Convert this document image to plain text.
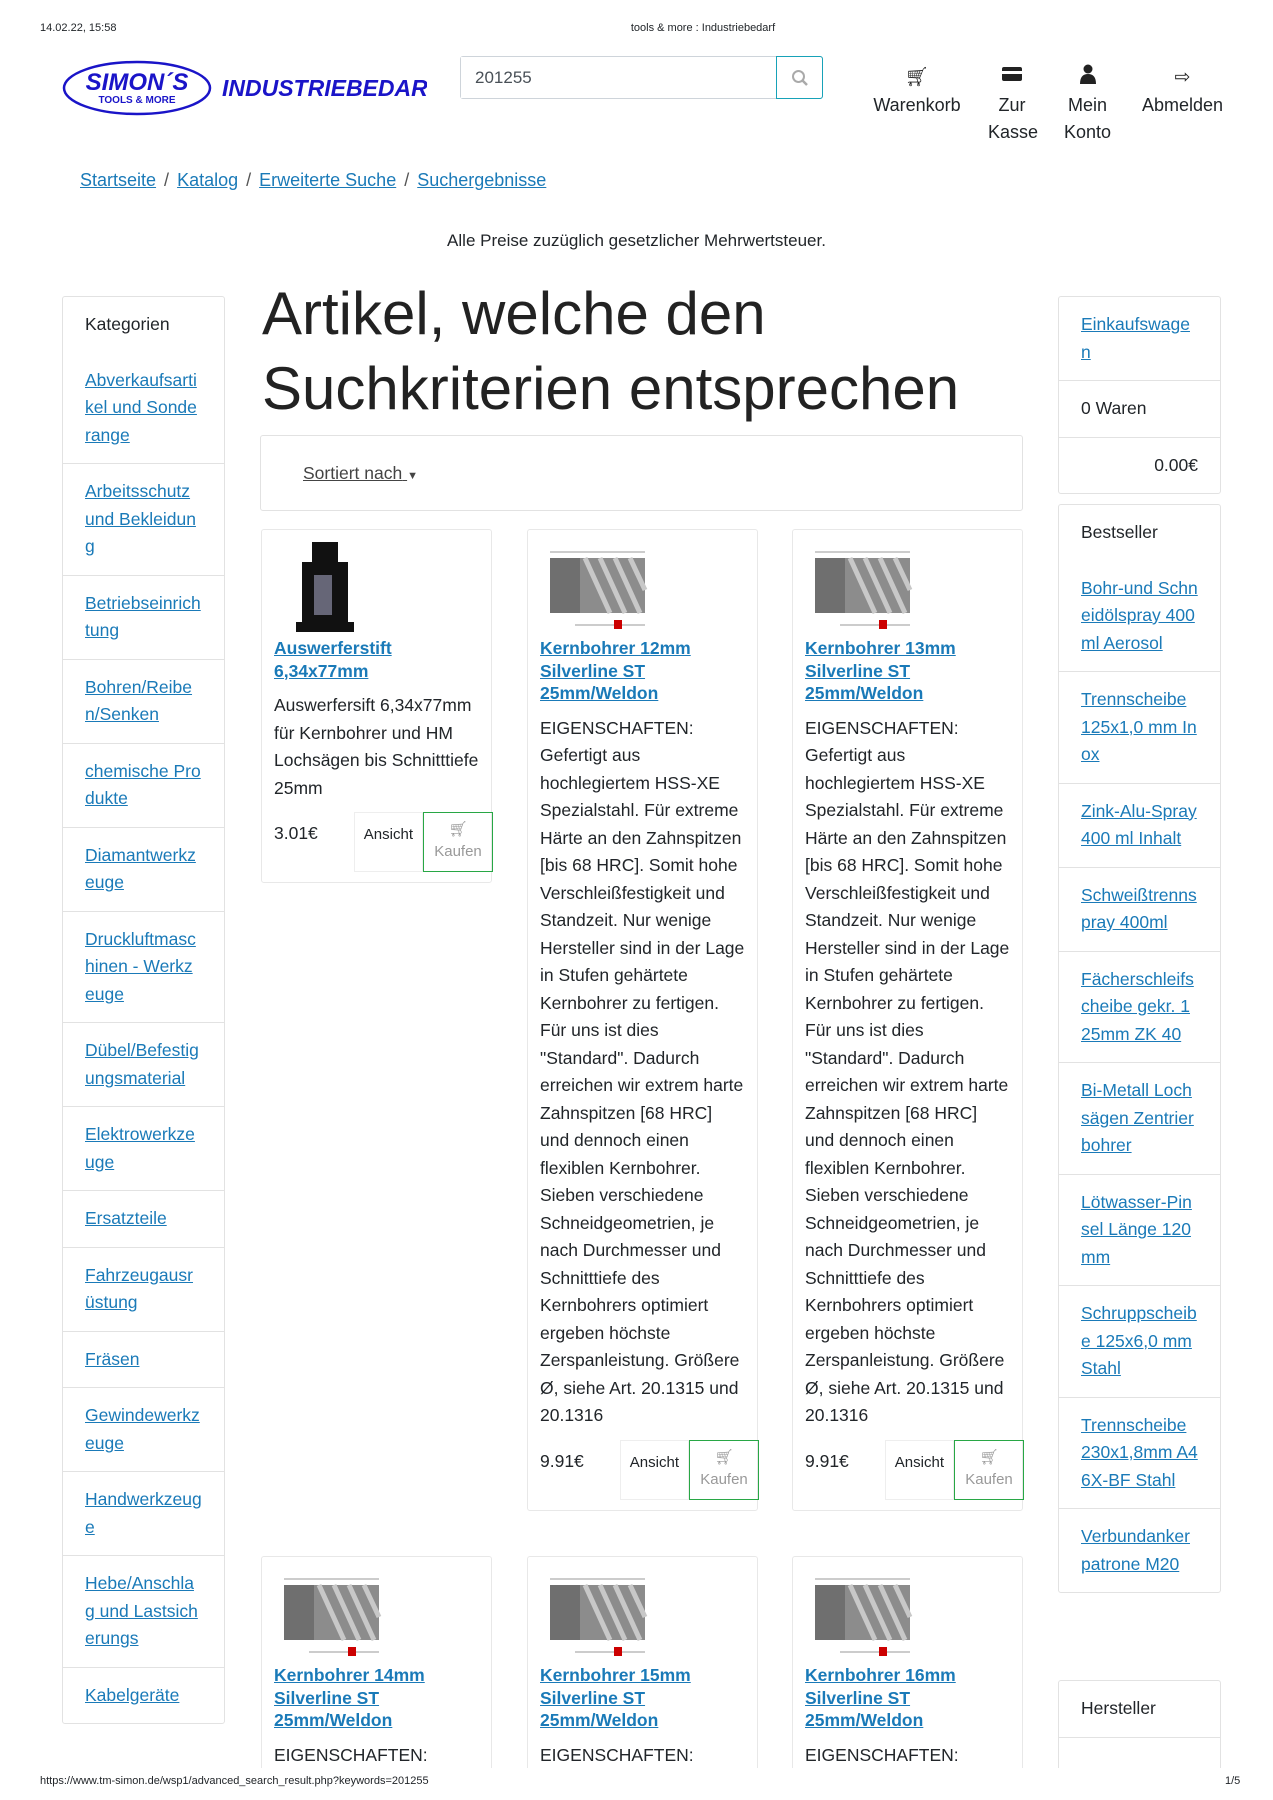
14.02.22, 15:58	tools & more : Industriebedarf
SIMON´S
TOOLS & MORE INDUSTRIEBEDARF
201255	🛒︎
Warenkorb	Zur Kasse
Mein Konto
⇨
Abmelden
Startseite / Katalog / Erweiterte Suche / Suchergebnisse
Alle Preise zuzüglich gesetzlicher Mehrwertsteuer.
Kategorien
Abverkaufsartikel und Sonderange
Arbeitsschutz und Bekleidung
Betriebseinrichtung
Bohren/Reiben/Senken
chemische Produkte
Diamantwerkzeuge
Druckluftmaschinen - Werkzeuge
Dübel/Befestigungsmaterial
Elektrowerkzeuge
Ersatzteile
Fahrzeugausrüstung
Fräsen
Gewindewerkzeuge
Handwerkzeuge
Hebe/Anschlag und Lastsicherungs
Kabelgeräte
Artikel, welche den Suchkriterien entsprechen
Sortiert nach ▼
Einkaufswagen
0 Waren
0.00€
Bestseller
Bohr-und Schneidölspray 400 ml Aerosol
Trennscheibe 125x1,0 mm Inox
Zink-Alu-Spray 400 ml Inhalt
Schweißtrennspray 400ml
Fächerschleifscheibe gekr. 125mm ZK 40
Bi-Metall Lochsägen Zentrierbohrer
Lötwasser-Pinsel Länge 120 mm
Schruppscheibe 125x6,0 mm Stahl
Trennscheibe 230x1,8mm A46X-BF Stahl
Verbundankerpatrone M20
Hersteller
Auswerferstift 6,34x77mm
Auswerfersift 6,34x77mm für Kernbohrer und HM Lochsägen bis Schnitttiefe 25mm
3.01€	Ansicht	🛒︎
Kaufen
Kernbohrer 12mm Silverline ST 25mm/Weldon
EIGENSCHAFTEN: Gefertigt aus hochlegiertem HSS-XE Spezialstahl. Für extreme Härte an den Zahnspitzen [bis 68 HRC]. Somit hohe Verschleißfestigkeit und Standzeit. Nur wenige Hersteller sind in der Lage in Stufen gehärtete Kernbohrer zu fertigen. Für uns ist dies "Standard". Dadurch erreichen wir extrem harte Zahnspitzen [68 HRC] und dennoch einen flexiblen Kernbohrer. Sieben verschiedene Schneidgeometrien, je nach Durchmesser und Schnitttiefe des Kernbohrers optimiert ergeben höchste Zerspanleistung. Größere Ø, siehe Art. 20.1315 und 20.1316
9.91€	Ansicht	🛒︎
Kaufen
Kernbohrer 13mm Silverline ST 25mm/Weldon
EIGENSCHAFTEN: Gefertigt aus hochlegiertem HSS-XE Spezialstahl. Für extreme Härte an den Zahnspitzen [bis 68 HRC]. Somit hohe Verschleißfestigkeit und Standzeit. Nur wenige Hersteller sind in der Lage in Stufen gehärtete Kernbohrer zu fertigen. Für uns ist dies "Standard". Dadurch erreichen wir extrem harte Zahnspitzen [68 HRC] und dennoch einen flexiblen Kernbohrer. Sieben verschiedene Schneidgeometrien, je nach Durchmesser und Schnitttiefe des Kernbohrers optimiert ergeben höchste Zerspanleistung. Größere Ø, siehe Art. 20.1315 und 20.1316
9.91€	Ansicht	🛒︎
Kaufen
Kernbohrer 14mm Silverline ST 25mm/Weldon
EIGENSCHAFTEN:
Kernbohrer 15mm Silverline ST 25mm/Weldon
EIGENSCHAFTEN:
Kernbohrer 16mm Silverline ST 25mm/Weldon
EIGENSCHAFTEN:
https://www.tm-simon.de/wsp1/advanced_search_result.php?keywords=201255	1/5
